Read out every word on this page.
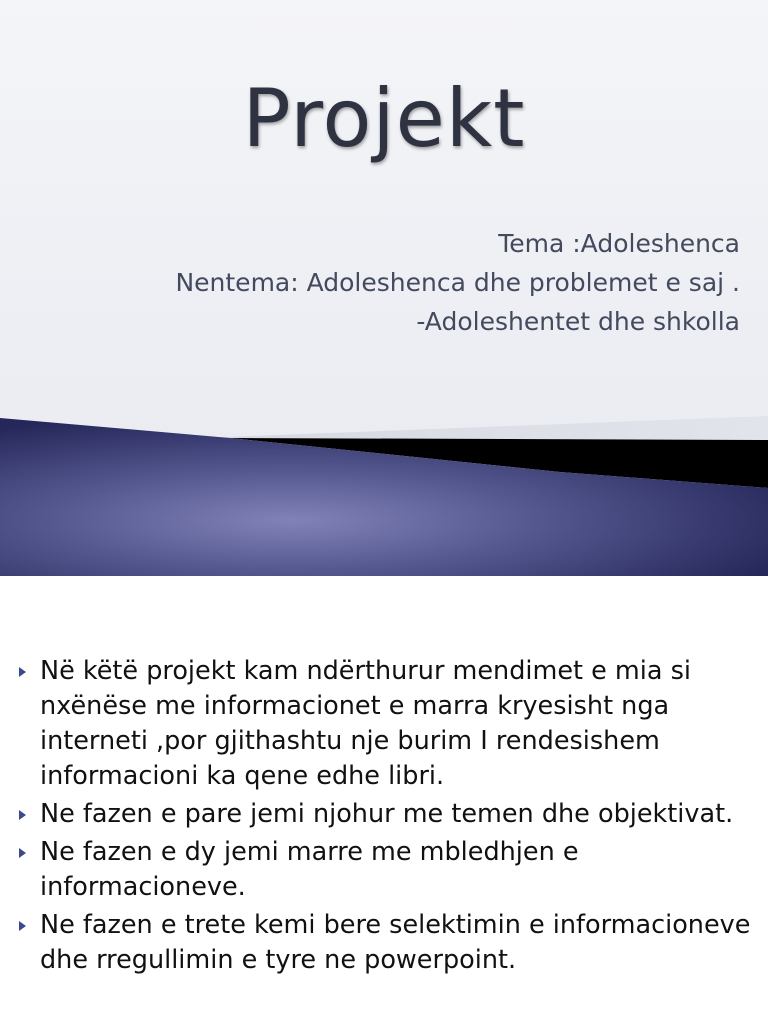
Projekt
Tema :Adoleshenca
Nentema: Adoleshenca dhe problemet e saj .
-Adoleshentet dhe shkolla
Në këtë projekt kam ndërthurur mendimet e mia si nxënëse me informacionet e marra kryesisht nga interneti ,por gjithashtu nje burim I rendesishem informacioni ka qene edhe libri.
Ne fazen e pare jemi njohur me temen dhe objektivat.
Ne fazen e dy jemi marre me mbledhjen e informacioneve.
Ne fazen e trete kemi bere selektimin e informacioneve dhe rregullimin e tyre ne powerpoint.
